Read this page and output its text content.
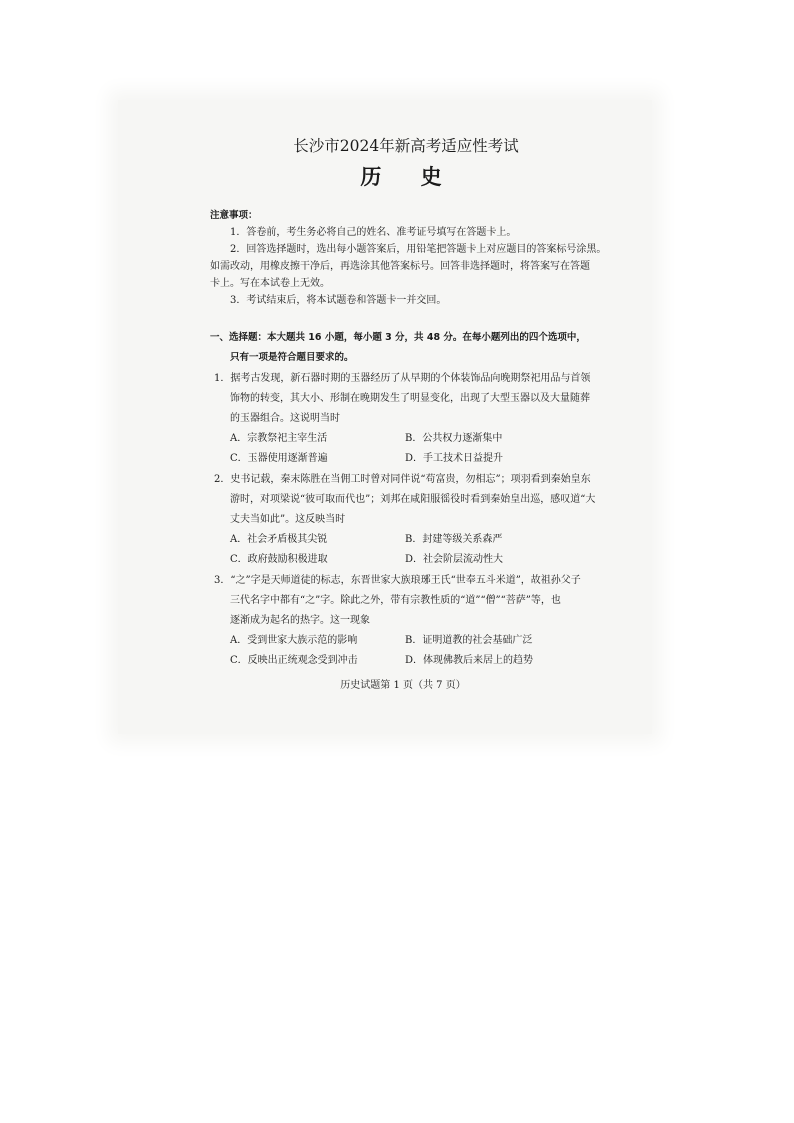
长沙市2024年新高考适应性考试
历 史
注意事项：
1．答卷前，考生务必将自己的姓名、准考证号填写在答题卡上。
2．回答选择题时，选出每小题答案后，用铅笔把答题卡上对应题目的答案标号涂黑。
如需改动，用橡皮擦干净后，再选涂其他答案标号。回答非选择题时，将答案写在答题
卡上。写在本试卷上无效。
3．考试结束后，将本试题卷和答题卡一并交回。
一、选择题：本大题共 16 小题，每小题 3 分，共 48 分。在每小题列出的四个选项中，
只有一项是符合题目要求的。
1．据考古发现，新石器时期的玉器经历了从早期的个体装饰品向晚期祭祀用品与首领
饰物的转变，其大小、形制在晚期发生了明显变化，出现了大型玉器以及大量随葬
的玉器组合。这说明当时
A．宗教祭祀主宰生活	B．公共权力逐渐集中
C．玉器使用逐渐普遍	D．手工技术日益提升
2．史书记载，秦末陈胜在当佣工时曾对同伴说“苟富贵，勿相忘”；项羽看到秦始皇东
游时，对项梁说“彼可取而代也”；刘邦在咸阳服徭役时看到秦始皇出巡，感叹道“大
丈夫当如此”。这反映当时
A．社会矛盾极其尖锐	B．封建等级关系森严
C．政府鼓励积极进取	D．社会阶层流动性大
3．“之”字是天师道徒的标志，东晋世家大族琅琊王氏“世奉五斗米道”，故祖孙父子
三代名字中都有“之”字。除此之外，带有宗教性质的“道”“僧”“菩萨”等，也
逐渐成为起名的热字。这一现象
A．受到世家大族示范的影响	B．证明道教的社会基础广泛
C．反映出正统观念受到冲击	D．体现佛教后来居上的趋势
历史试题第 1 页（共 7 页）
